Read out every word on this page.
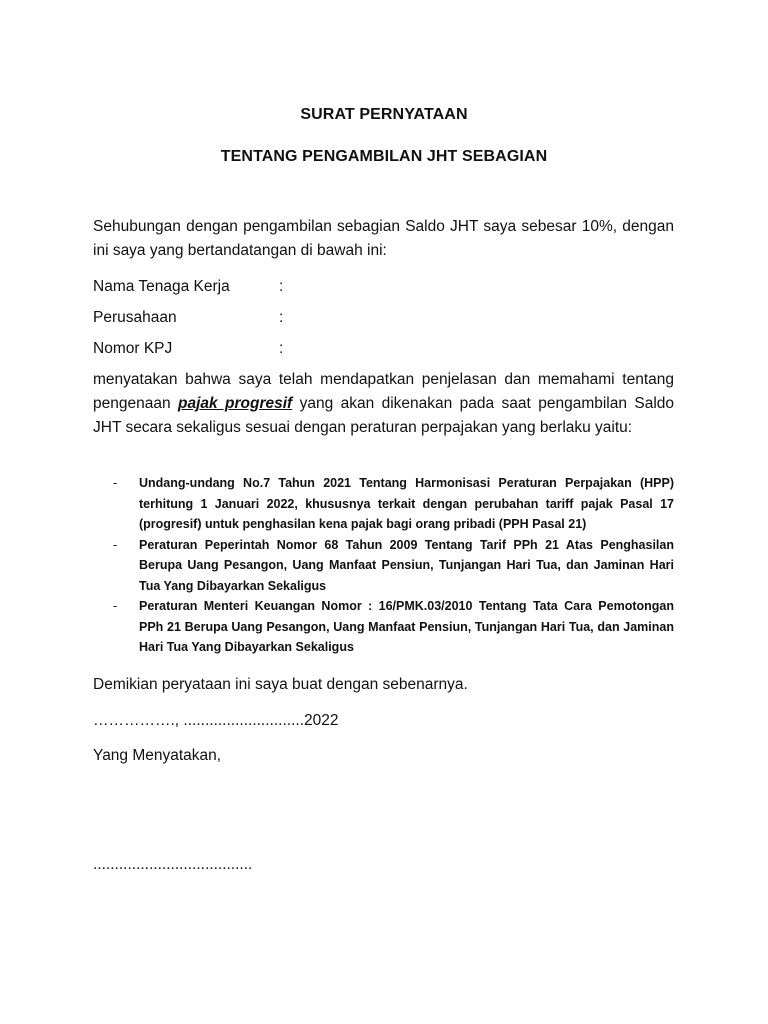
SURAT PERNYATAAN
TENTANG PENGAMBILAN JHT SEBAGIAN
Sehubungan dengan pengambilan sebagian Saldo JHT saya sebesar 10%, dengan ini saya yang bertandatangan di bawah ini:
Nama Tenaga Kerja	:
Perusahaan	:
Nomor KPJ	:
menyatakan bahwa saya telah mendapatkan penjelasan dan memahami tentang pengenaan pajak progresif yang akan dikenakan pada saat pengambilan Saldo JHT secara sekaligus sesuai dengan peraturan perpajakan yang berlaku yaitu:
- Undang-undang No.7 Tahun 2021 Tentang Harmonisasi Peraturan Perpajakan (HPP) terhitung 1 Januari 2022, khususnya terkait dengan perubahan tariff pajak Pasal 17 (progresif) untuk penghasilan kena pajak bagi orang pribadi (PPH Pasal 21)
- Peraturan Peperintah Nomor 68 Tahun 2009 Tentang Tarif PPh 21 Atas Penghasilan Berupa Uang Pesangon, Uang Manfaat Pensiun, Tunjangan Hari Tua, dan Jaminan Hari Tua Yang Dibayarkan Sekaligus
- Peraturan Menteri Keuangan Nomor : 16/PMK.03/2010 Tentang Tata Cara Pemotongan PPh 21 Berupa Uang Pesangon, Uang Manfaat Pensiun, Tunjangan Hari Tua, dan Jaminan Hari Tua Yang Dibayarkan Sekaligus
Demikian peryataan ini saya buat dengan sebenarnya.
……………., ............................2022
Yang Menyatakan,
.....................................
